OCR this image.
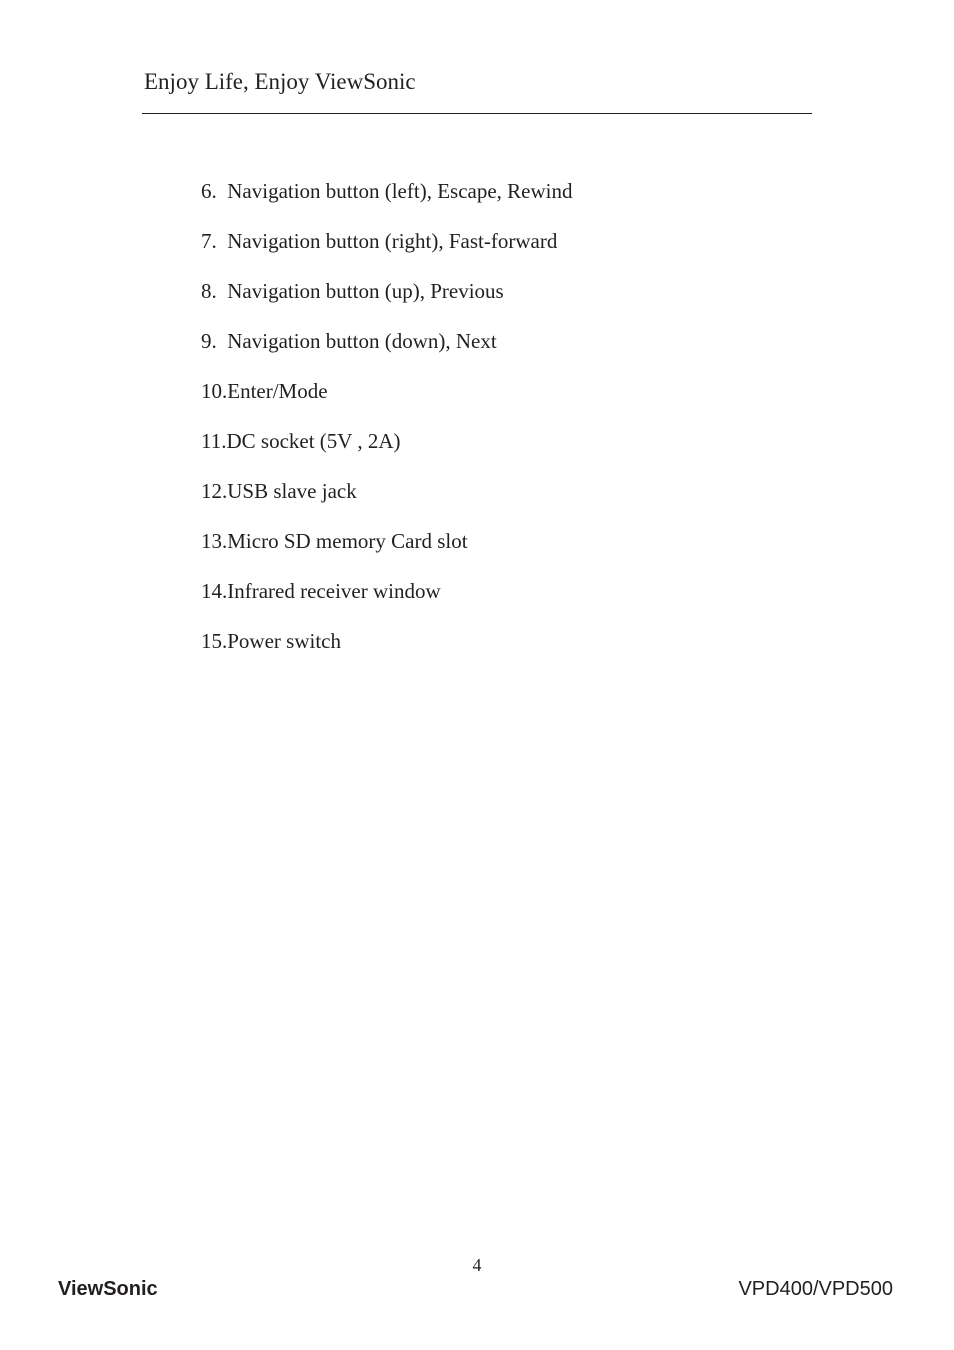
Enjoy Life, Enjoy ViewSonic
6.  Navigation button (left), Escape, Rewind
7.  Navigation button (right), Fast-forward
8.  Navigation button (up), Previous
9.  Navigation button (down), Next
10.Enter/Mode
11.DC socket (5V , 2A)
12.USB slave jack
13.Micro SD memory Card slot
14.Infrared receiver window
15.Power switch
4
ViewSonic	VPD400/VPD500
